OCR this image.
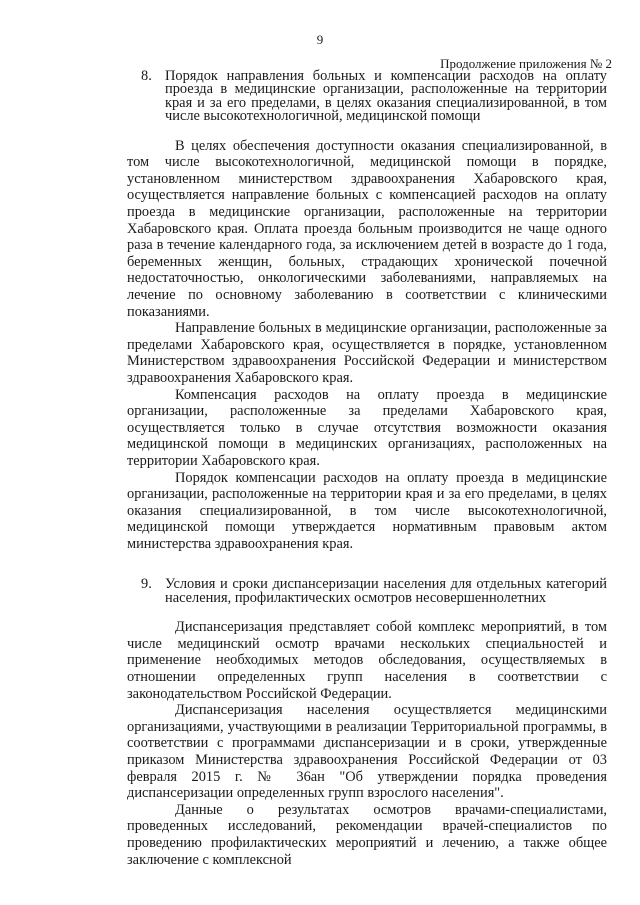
9
Продолжение приложения № 2
8. Порядок направления больных и компенсации расходов на оплату проезда в медицинские организации, расположенные на территории края и за его пределами, в целях оказания специализированной, в том числе высокотехнологичной, медицинской помощи

В целях обеспечения доступности оказания специализированной, в том числе высокотехнологичной, медицинской помощи в порядке, установленном министерством здравоохранения Хабаровского края, осуществляется направление больных с компенсацией расходов на оплату проезда в медицинские организации, расположенные на территории Хабаровского края. Оплата проезда больным производится не чаще одного раза в течение календарного года, за исключением детей в возрасте до 1 года, беременных женщин, больных, страдающих хронической почечной недостаточностью, онкологическими заболеваниями, направляемых на лечение по основному заболеванию в соответствии с клиническими показаниями.

Направление больных в медицинские организации, расположенные за пределами Хабаровского края, осуществляется в порядке, установленном Министерством здравоохранения Российской Федерации и министерством здравоохранения Хабаровского края.

Компенсация расходов на оплату проезда в медицинские организации, расположенные за пределами Хабаровского края, осуществляется только в случае отсутствия возможности оказания медицинской помощи в медицинских организациях, расположенных на территории Хабаровского края.

Порядок компенсации расходов на оплату проезда в медицинские организации, расположенные на территории края и за его пределами, в целях оказания специализированной, в том числе высокотехнологичной, медицинской помощи утверждается нормативным правовым актом министерства здравоохранения края.

9. Условия и сроки диспансеризации населения для отдельных категорий населения, профилактических осмотров несовершеннолетних

Диспансеризация представляет собой комплекс мероприятий, в том числе медицинский осмотр врачами нескольких специальностей и применение необходимых методов обследования, осуществляемых в отношении определенных групп населения в соответствии с законодательством Российской Федерации.

Диспансеризация населения осуществляется медицинскими организациями, участвующими в реализации Территориальной программы, в соответствии с программами диспансеризации и в сроки, утвержденные приказом Министерства здравоохранения Российской Федерации от 03 февраля 2015 г. № 36ан "Об утверждении порядка проведения диспансеризации определенных групп взрослого населения".

Данные о результатах осмотров врачами-специалистами, проведенных исследований, рекомендации врачей-специалистов по проведению профилактических мероприятий и лечению, а также общее заключение с комплексной
